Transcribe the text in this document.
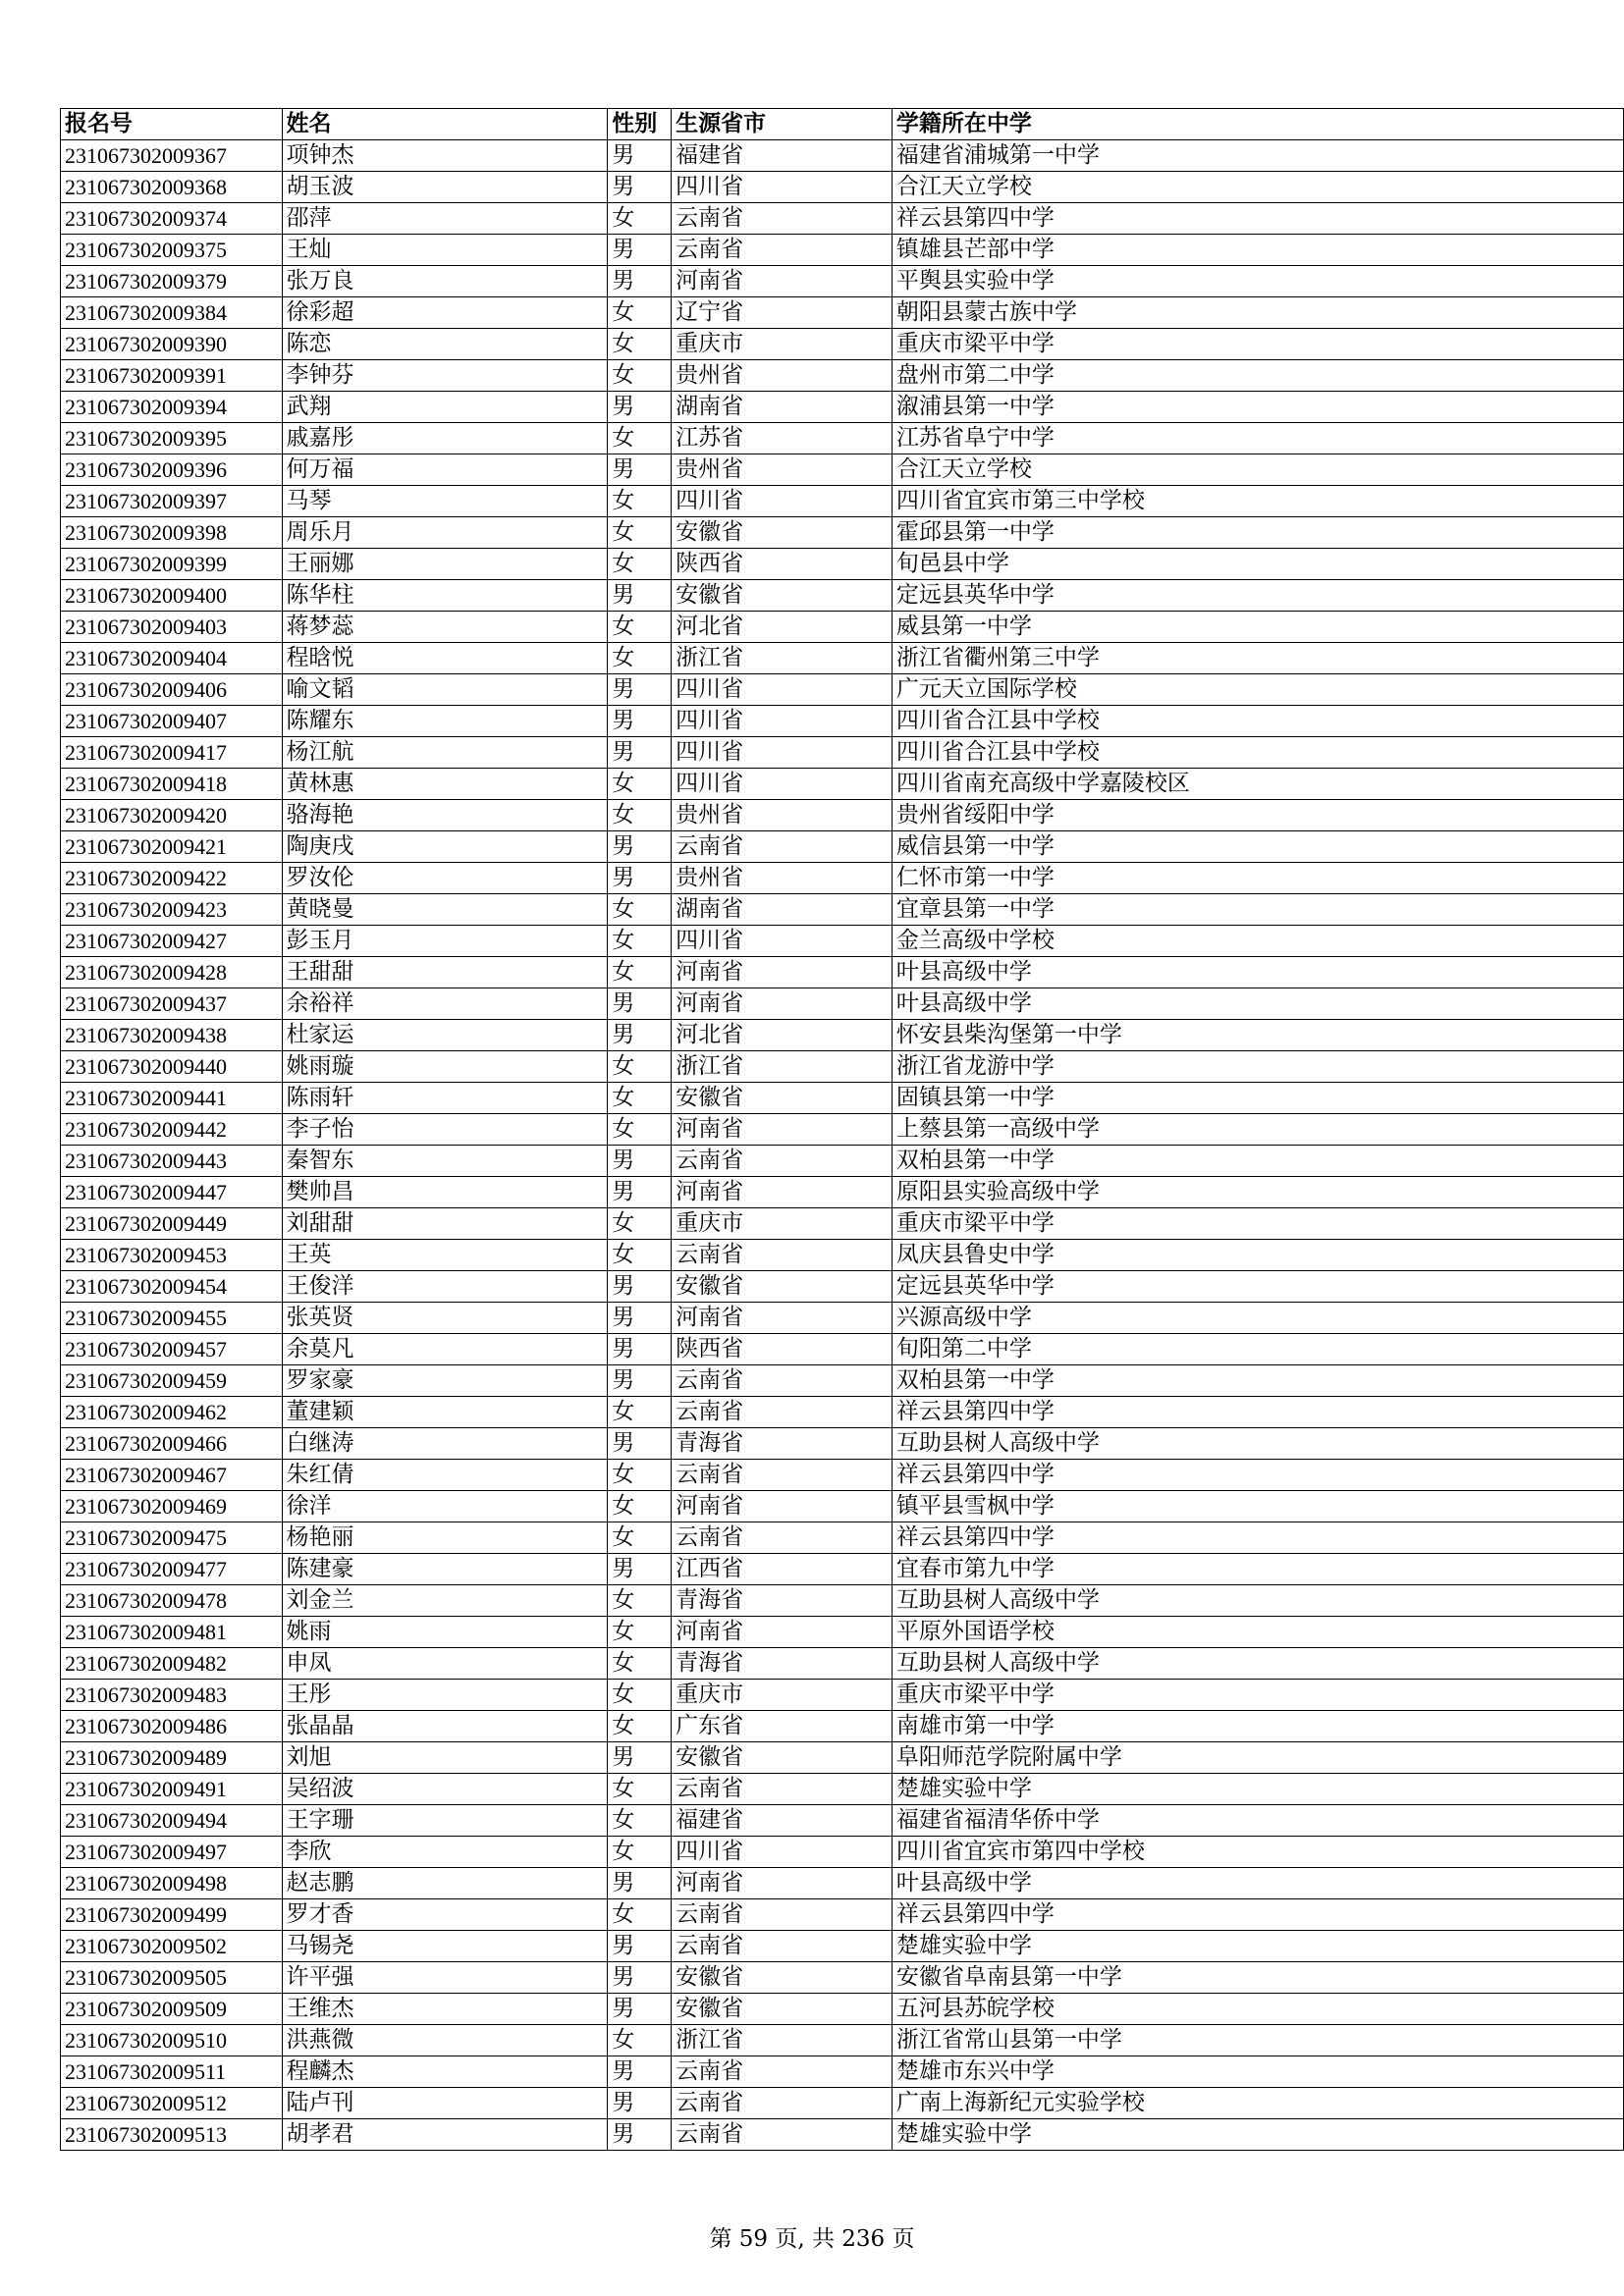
报名号	姓名	性别	生源省市	学籍所在中学
231067302009367	项钟杰	男	福建省	福建省浦城第一中学
231067302009368	胡玉波	男	四川省	合江天立学校
231067302009374	邵萍	女	云南省	祥云县第四中学
231067302009375	王灿	男	云南省	镇雄县芒部中学
231067302009379	张万良	男	河南省	平舆县实验中学
231067302009384	徐彩超	女	辽宁省	朝阳县蒙古族中学
231067302009390	陈恋	女	重庆市	重庆市梁平中学
231067302009391	李钟芬	女	贵州省	盘州市第二中学
231067302009394	武翔	男	湖南省	溆浦县第一中学
231067302009395	戚嘉彤	女	江苏省	江苏省阜宁中学
231067302009396	何万福	男	贵州省	合江天立学校
231067302009397	马琴	女	四川省	四川省宜宾市第三中学校
231067302009398	周乐月	女	安徽省	霍邱县第一中学
231067302009399	王丽娜	女	陕西省	旬邑县中学
231067302009400	陈华柱	男	安徽省	定远县英华中学
231067302009403	蒋梦蕊	女	河北省	威县第一中学
231067302009404	程晗悦	女	浙江省	浙江省衢州第三中学
231067302009406	喻文韬	男	四川省	广元天立国际学校
231067302009407	陈耀东	男	四川省	四川省合江县中学校
231067302009417	杨江航	男	四川省	四川省合江县中学校
231067302009418	黄林惠	女	四川省	四川省南充高级中学嘉陵校区
231067302009420	骆海艳	女	贵州省	贵州省绥阳中学
231067302009421	陶庚戌	男	云南省	威信县第一中学
231067302009422	罗汝伦	男	贵州省	仁怀市第一中学
231067302009423	黄晓曼	女	湖南省	宜章县第一中学
231067302009427	彭玉月	女	四川省	金兰高级中学校
231067302009428	王甜甜	女	河南省	叶县高级中学
231067302009437	余裕祥	男	河南省	叶县高级中学
231067302009438	杜家运	男	河北省	怀安县柴沟堡第一中学
231067302009440	姚雨璇	女	浙江省	浙江省龙游中学
231067302009441	陈雨轩	女	安徽省	固镇县第一中学
231067302009442	李子怡	女	河南省	上蔡县第一高级中学
231067302009443	秦智东	男	云南省	双柏县第一中学
231067302009447	樊帅昌	男	河南省	原阳县实验高级中学
231067302009449	刘甜甜	女	重庆市	重庆市梁平中学
231067302009453	王英	女	云南省	凤庆县鲁史中学
231067302009454	王俊洋	男	安徽省	定远县英华中学
231067302009455	张英贤	男	河南省	兴源高级中学
231067302009457	余莫凡	男	陕西省	旬阳第二中学
231067302009459	罗家豪	男	云南省	双柏县第一中学
231067302009462	董建颖	女	云南省	祥云县第四中学
231067302009466	白继涛	男	青海省	互助县树人高级中学
231067302009467	朱红倩	女	云南省	祥云县第四中学
231067302009469	徐洋	女	河南省	镇平县雪枫中学
231067302009475	杨艳丽	女	云南省	祥云县第四中学
231067302009477	陈建豪	男	江西省	宜春市第九中学
231067302009478	刘金兰	女	青海省	互助县树人高级中学
231067302009481	姚雨	女	河南省	平原外国语学校
231067302009482	申凤	女	青海省	互助县树人高级中学
231067302009483	王彤	女	重庆市	重庆市梁平中学
231067302009486	张晶晶	女	广东省	南雄市第一中学
231067302009489	刘旭	男	安徽省	阜阳师范学院附属中学
231067302009491	吴绍波	女	云南省	楚雄实验中学
231067302009494	王字珊	女	福建省	福建省福清华侨中学
231067302009497	李欣	女	四川省	四川省宜宾市第四中学校
231067302009498	赵志鹏	男	河南省	叶县高级中学
231067302009499	罗才香	女	云南省	祥云县第四中学
231067302009502	马锡尧	男	云南省	楚雄实验中学
231067302009505	许平强	男	安徽省	安徽省阜南县第一中学
231067302009509	王维杰	男	安徽省	五河县苏皖学校
231067302009510	洪燕微	女	浙江省	浙江省常山县第一中学
231067302009511	程麟杰	男	云南省	楚雄市东兴中学
231067302009512	陆卢刊	男	云南省	广南上海新纪元实验学校
231067302009513	胡孝君	男	云南省	楚雄实验中学
第 59 页, 共 236 页
